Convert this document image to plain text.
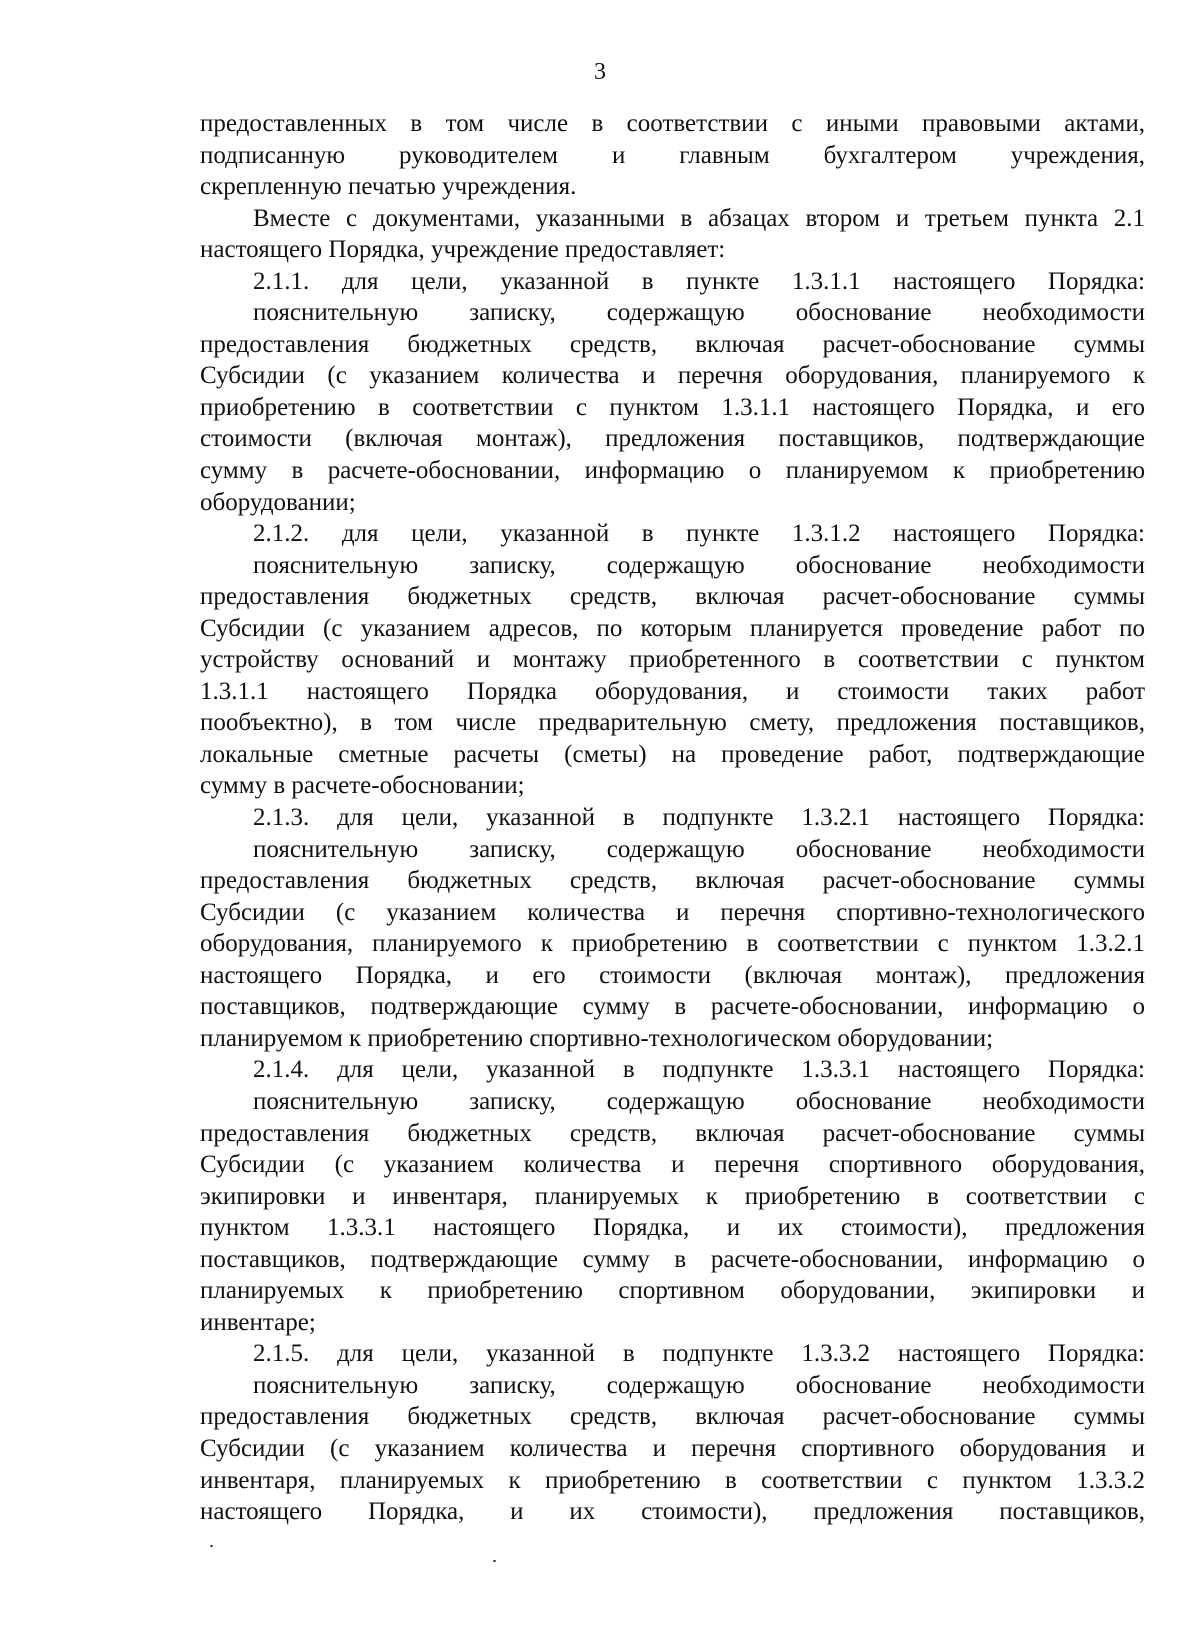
3
предоставленных в том числе в соответствии с иными правовыми актами,
подписанную руководителем и главным бухгалтером учреждения,
скрепленную печатью учреждения.
Вместе с документами, указанными в абзацах втором и третьем пункта 2.1
настоящего Порядка, учреждение предоставляет:
2.1.1. для цели, указанной в пункте 1.3.1.1 настоящего Порядка:
пояснительную записку, содержащую обоснование необходимости
предоставления бюджетных средств, включая расчет-обоснование суммы
Субсидии (с указанием количества и перечня оборудования, планируемого к
приобретению в соответствии с пунктом 1.3.1.1 настоящего Порядка, и его
стоимости (включая монтаж), предложения поставщиков, подтверждающие
сумму в расчете-обосновании, информацию о планируемом к приобретению
оборудовании;
2.1.2. для цели, указанной в пункте 1.3.1.2 настоящего Порядка:
пояснительную записку, содержащую обоснование необходимости
предоставления бюджетных средств, включая расчет-обоснование суммы
Субсидии (с указанием адресов, по которым планируется проведение работ по
устройству оснований и монтажу приобретенного в соответствии с пунктом
1.3.1.1 настоящего Порядка оборудования, и стоимости таких работ
пообъектно), в том числе предварительную смету, предложения поставщиков,
локальные сметные расчеты (сметы) на проведение работ, подтверждающие
сумму в расчете-обосновании;
2.1.3. для цели, указанной в подпункте 1.3.2.1 настоящего Порядка:
пояснительную записку, содержащую обоснование необходимости
предоставления бюджетных средств, включая расчет-обоснование суммы
Субсидии (с указанием количества и перечня спортивно-технологического
оборудования, планируемого к приобретению в соответствии с пунктом 1.3.2.1
настоящего Порядка, и его стоимости (включая монтаж), предложения
поставщиков, подтверждающие сумму в расчете-обосновании, информацию о
планируемом к приобретению спортивно-технологическом оборудовании;
2.1.4. для цели, указанной в подпункте 1.3.3.1 настоящего Порядка:
пояснительную записку, содержащую обоснование необходимости
предоставления бюджетных средств, включая расчет-обоснование суммы
Субсидии (с указанием количества и перечня спортивного оборудования,
экипировки и инвентаря, планируемых к приобретению в соответствии с
пунктом 1.3.3.1 настоящего Порядка, и их стоимости), предложения
поставщиков, подтверждающие сумму в расчете-обосновании, информацию о
планируемых к приобретению спортивном оборудовании, экипировки и
инвентаре;
2.1.5. для цели, указанной в подпункте 1.3.3.2 настоящего Порядка:
пояснительную записку, содержащую обоснование необходимости
предоставления бюджетных средств, включая расчет-обоснование суммы
Субсидии (с указанием количества и перечня спортивного оборудования и
инвентаря, планируемых к приобретению в соответствии с пунктом 1.3.3.2
настоящего Порядка, и их стоимости), предложения поставщиков,
